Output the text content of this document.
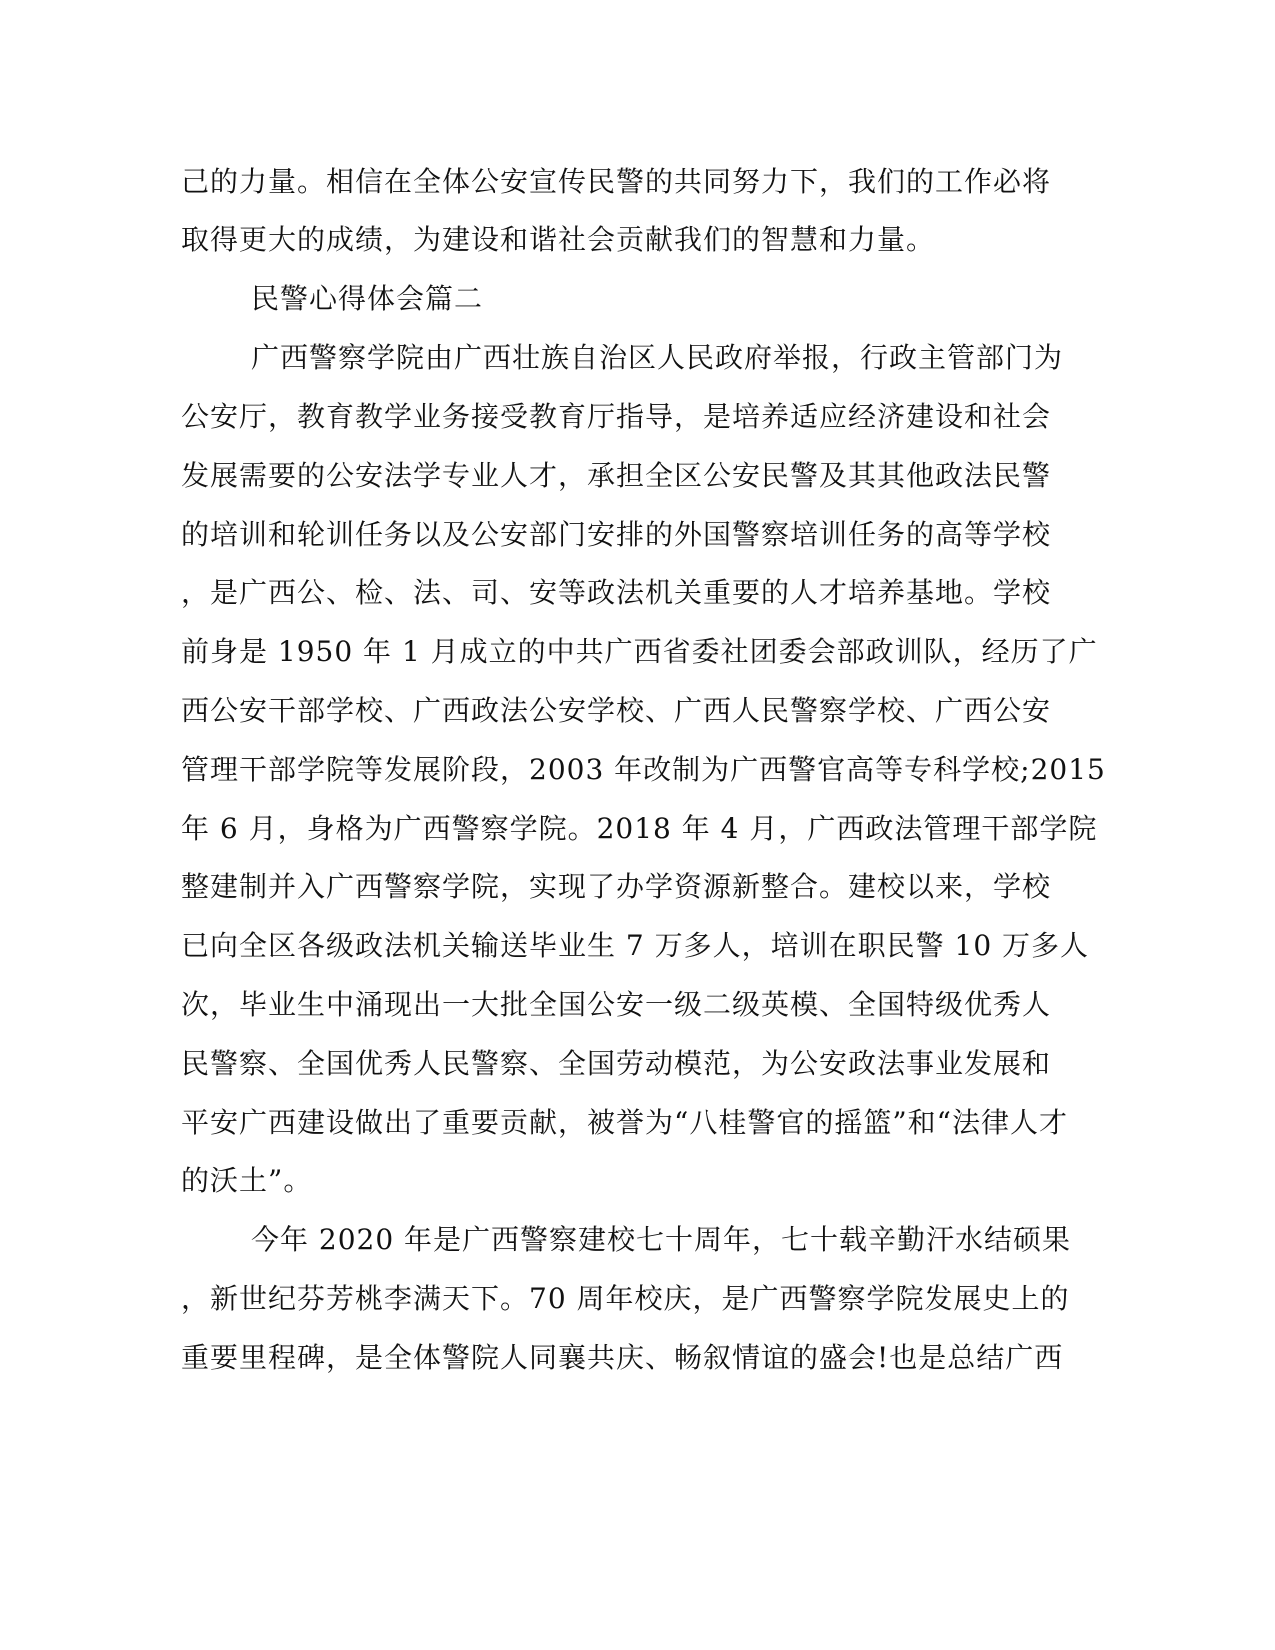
己的力量。相信在全体公安宣传民警的共同努力下，我们的工作必将
取得更大的成绩，为建设和谐社会贡献我们的智慧和力量。
民警心得体会篇二
广西警察学院由广西壮族自治区人民政府举报，行政主管部门为
公安厅，教育教学业务接受教育厅指导，是培养适应经济建设和社会
发展需要的公安法学专业人才，承担全区公安民警及其其他政法民警
的培训和轮训任务以及公安部门安排的外国警察培训任务的高等学校
，是广西公、检、法、司、安等政法机关重要的人才培养基地。学校
前身是 1950 年 1 月成立的中共广西省委社团委会部政训队，经历了广
西公安干部学校、广西政法公安学校、广西人民警察学校、广西公安
管理干部学院等发展阶段，2003 年改制为广西警官高等专科学校;2015
年 6 月，身格为广西警察学院。2018 年 4 月，广西政法管理干部学院
整建制并入广西警察学院，实现了办学资源新整合。建校以来，学校
已向全区各级政法机关输送毕业生 7 万多人，培训在职民警 10 万多人
次，毕业生中涌现出一大批全国公安一级二级英模、全国特级优秀人
民警察、全国优秀人民警察、全国劳动模范，为公安政法事业发展和
平安广西建设做出了重要贡献，被誉为“八桂警官的摇篮”和“法律人才
的沃土”。
今年 2020 年是广西警察建校七十周年，七十载辛勤汗水结硕果
，新世纪芬芳桃李满天下。70 周年校庆，是广西警察学院发展史上的
重要里程碑，是全体警院人同襄共庆、畅叙情谊的盛会!也是总结广西
